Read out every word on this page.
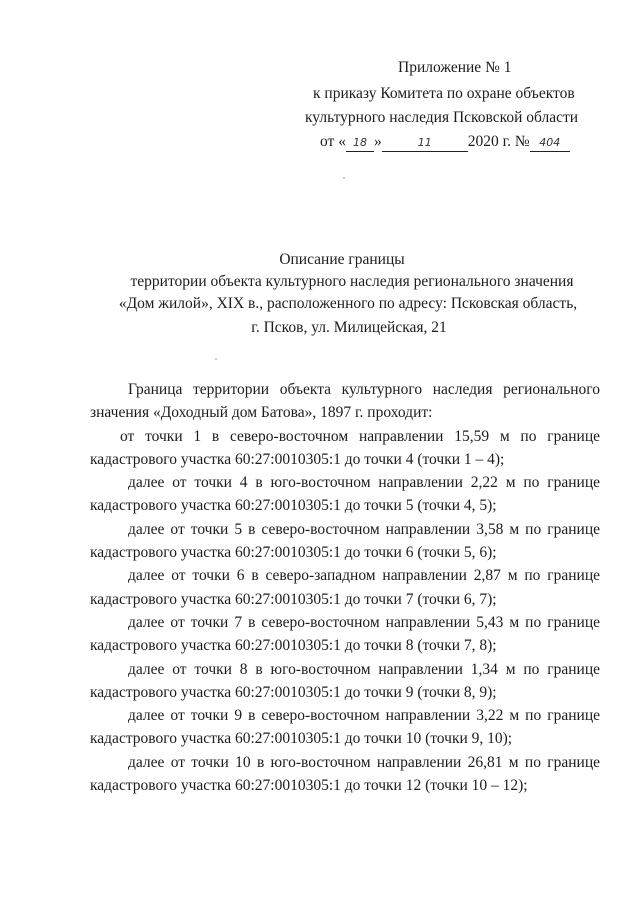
Приложение № 1
к приказу Комитета по охране объектов
культурного наследия Псковской области
от « 18 »	11 2020 г. № 404
Описание границы
территории объекта культурного наследия регионального значения
«Дом жилой», XIX в., расположенного по адресу: Псковская область,
г. Псков, ул. Милицейская, 21

Граница территории объекта культурного наследия регионального
значения «Доходный дом Батова», 1897 г. проходит:

от точки 1 в северо-восточном направлении 15,59 м по границе
кадастрового участка 60:27:0010305:1 до точки 4 (точки 1 – 4);

далее от точки 4 в юго-восточном направлении 2,22 м по границе
кадастрового участка 60:27:0010305:1 до точки 5 (точки 4, 5);

далее от точки 5 в северо-восточном направлении 3,58 м по границе
кадастрового участка 60:27:0010305:1 до точки 6 (точки 5, 6);

далее от точки 6 в северо-западном направлении 2,87 м по границе
кадастрового участка 60:27:0010305:1 до точки 7 (точки 6, 7);

далее от точки 7 в северо-восточном направлении 5,43 м по границе
кадастрового участка 60:27:0010305:1 до точки 8 (точки 7, 8);

далее от точки 8 в юго-восточном направлении 1,34 м по границе
кадастрового участка 60:27:0010305:1 до точки 9 (точки 8, 9);

далее от точки 9 в северо-восточном направлении 3,22 м по границе
кадастрового участка 60:27:0010305:1 до точки 10 (точки 9, 10);

далее от точки 10 в юго-восточном направлении 26,81 м по границе
кадастрового участка 60:27:0010305:1 до точки 12 (точки 10 – 12);
